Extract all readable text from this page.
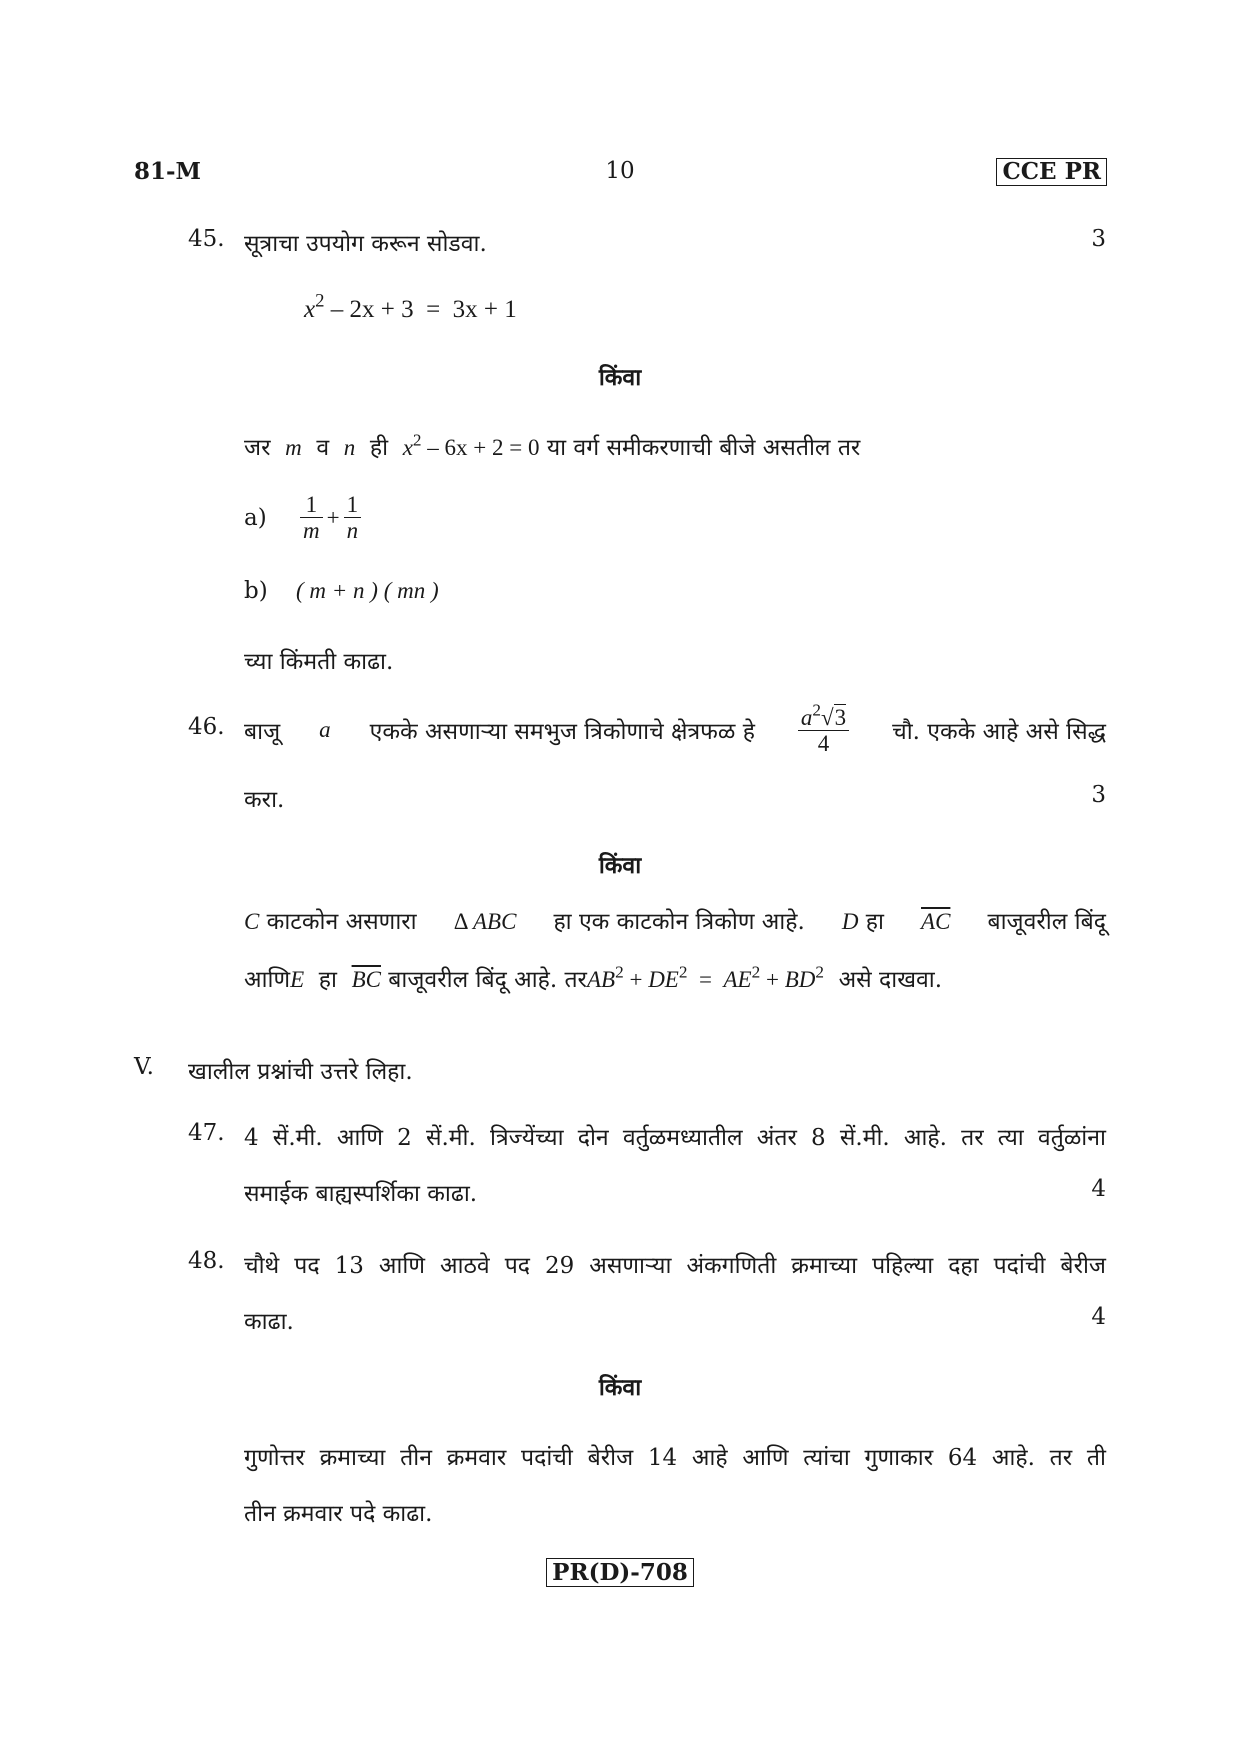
81-M	10	CCE PR
45. सूत्राचा उपयोग करून सोडवा.	3
$x^2 - 2x + 3 = 3x + 1$
किंवा
जर m व n ही $x^2 - 6x + 2 = 0$ या वर्ग समीकरणाची बीजे असतील तर
$a) \frac{1}{m} + \frac{1}{n}$
b) ( m + n ) ( mn )
च्या किंमती काढा.
46. बाजू a एकके असणाऱ्या समभुज त्रिकोणाचे क्षेत्रफळ हे $\frac{a^2√3}{4}$ चौ. एकके आहे असे सिद्ध
करा.	3
किंवा
C काटकोन असणारा Δ ABC हा एक काटकोन त्रिकोण आहे. D हा $\overline{AC}$ बाजूवरील बिंदू
आणिE हा $\overline{BC}$ बाजूवरील बिंदू आहे. तरAB$^2$ + $DE^2 = AE^2 + BD^2$ असे दाखवा.
V. खालील प्रश्नांची उत्तरे लिहा.
47. 4 सें.मी. आणि 2 सें.मी. त्रिज्येंच्या दोन वर्तुळमध्यातील अंतर 8 सें.मी. आहे. तर त्या वर्तुळांना
समाईक बाह्यस्पर्शिका काढा.	4
48. चौथे पद 13 आणि आठवे पद 29 असणाऱ्या अंकगणिती क्रमाच्या पहिल्या दहा पदांची बेरीज
काढा.	4
किंवा
गुणोत्तर क्रमाच्या तीन क्रमवार पदांची बेरीज 14 आहे आणि त्यांचा गुणाकार 64 आहे. तर ती
तीन क्रमवार पदे काढा.
PR(D)-708
